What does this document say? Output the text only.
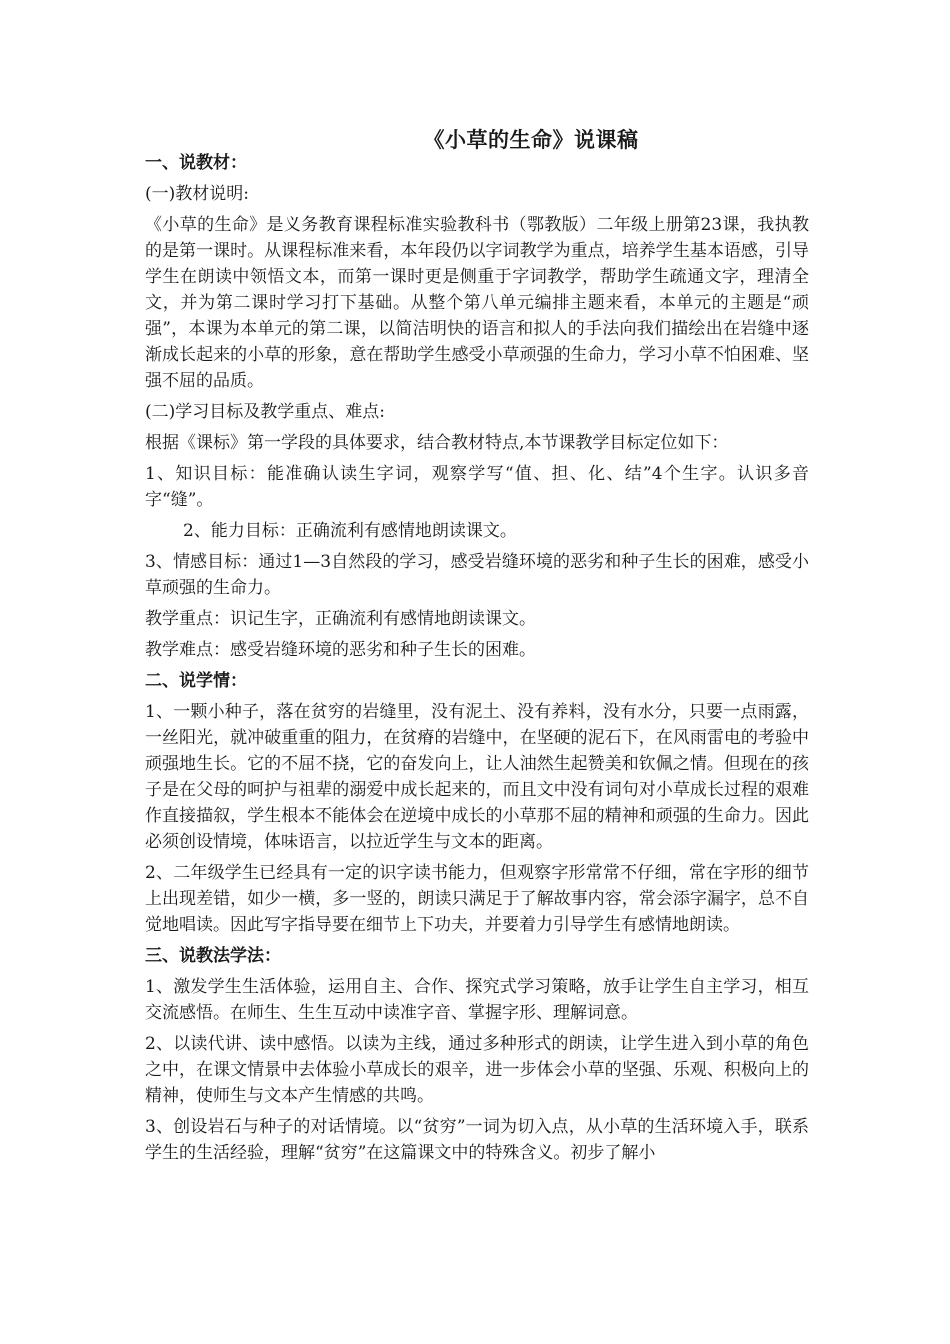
《小草的生命》说课稿

一、说教材：

(一)教材说明:

《小草的生命》是义务教育课程标准实验教科书（鄂教版）二年级上册第23课，我执教的是第一课时。从课程标准来看，本年段仍以字词教学为重点，培养学生基本语感，引导学生在朗读中领悟文本，而第一课时更是侧重于字词教学，帮助学生疏通文字，理清全文，并为第二课时学习打下基础。从整个第八单元编排主题来看，本单元的主题是“顽强”，本课为本单元的第二课，以简洁明快的语言和拟人的手法向我们描绘出在岩缝中逐渐成长起来的小草的形象，意在帮助学生感受小草顽强的生命力，学习小草不怕困难、坚强不屈的品质。

(二)学习目标及教学重点、难点:

根据《课标》第一学段的具体要求，结合教材特点,本节课教学目标定位如下：

1、知识目标：能准确认读生字词，观察学写“值、担、化、结”4个生字。认识多音字“缝”。

2、能力目标：正确流利有感情地朗读课文。

3、情感目标：通过1—3自然段的学习，感受岩缝环境的恶劣和种子生长的困难，感受小草顽强的生命力。

教学重点：识记生字，正确流利有感情地朗读课文。

教学难点：感受岩缝环境的恶劣和种子生长的困难。

二、说学情：

1、一颗小种子，落在贫穷的岩缝里，没有泥土、没有养料，没有水分，只要一点雨露，一丝阳光，就冲破重重的阻力，在贫瘠的岩缝中，在坚硬的泥石下，在风雨雷电的考验中顽强地生长。它的不屈不挠，它的奋发向上，让人油然生起赞美和钦佩之情。但现在的孩子是在父母的呵护与祖辈的溺爱中成长起来的，而且文中没有词句对小草成长过程的艰难作直接描叙，学生根本不能体会在逆境中成长的小草那不屈的精神和顽强的生命力。因此必须创设情境，体味语言，以拉近学生与文本的距离。

2、二年级学生已经具有一定的识字读书能力，但观察字形常常不仔细，常在字形的细节上出现差错，如少一横，多一竖的，朗读只满足于了解故事内容，常会添字漏字，总不自觉地唱读。因此写字指导要在细节上下功夫，并要着力引导学生有感情地朗读。

三、说教法学法：

1、激发学生生活体验，运用自主、合作、探究式学习策略，放手让学生自主学习，相互交流感悟。在师生、生生互动中读准字音、掌握字形、理解词意。

2、以读代讲、读中感悟。以读为主线，通过多种形式的朗读，让学生进入到小草的角色之中，在课文情景中去体验小草成长的艰辛，进一步体会小草的坚强、乐观、积极向上的精神，使师生与文本产生情感的共鸣。

3、创设岩石与种子的对话情境。以“贫穷”一词为切入点，从小草的生活环境入手，联系学生的生活经验，理解“贫穷”在这篇课文中的特殊含义。初步了解小
